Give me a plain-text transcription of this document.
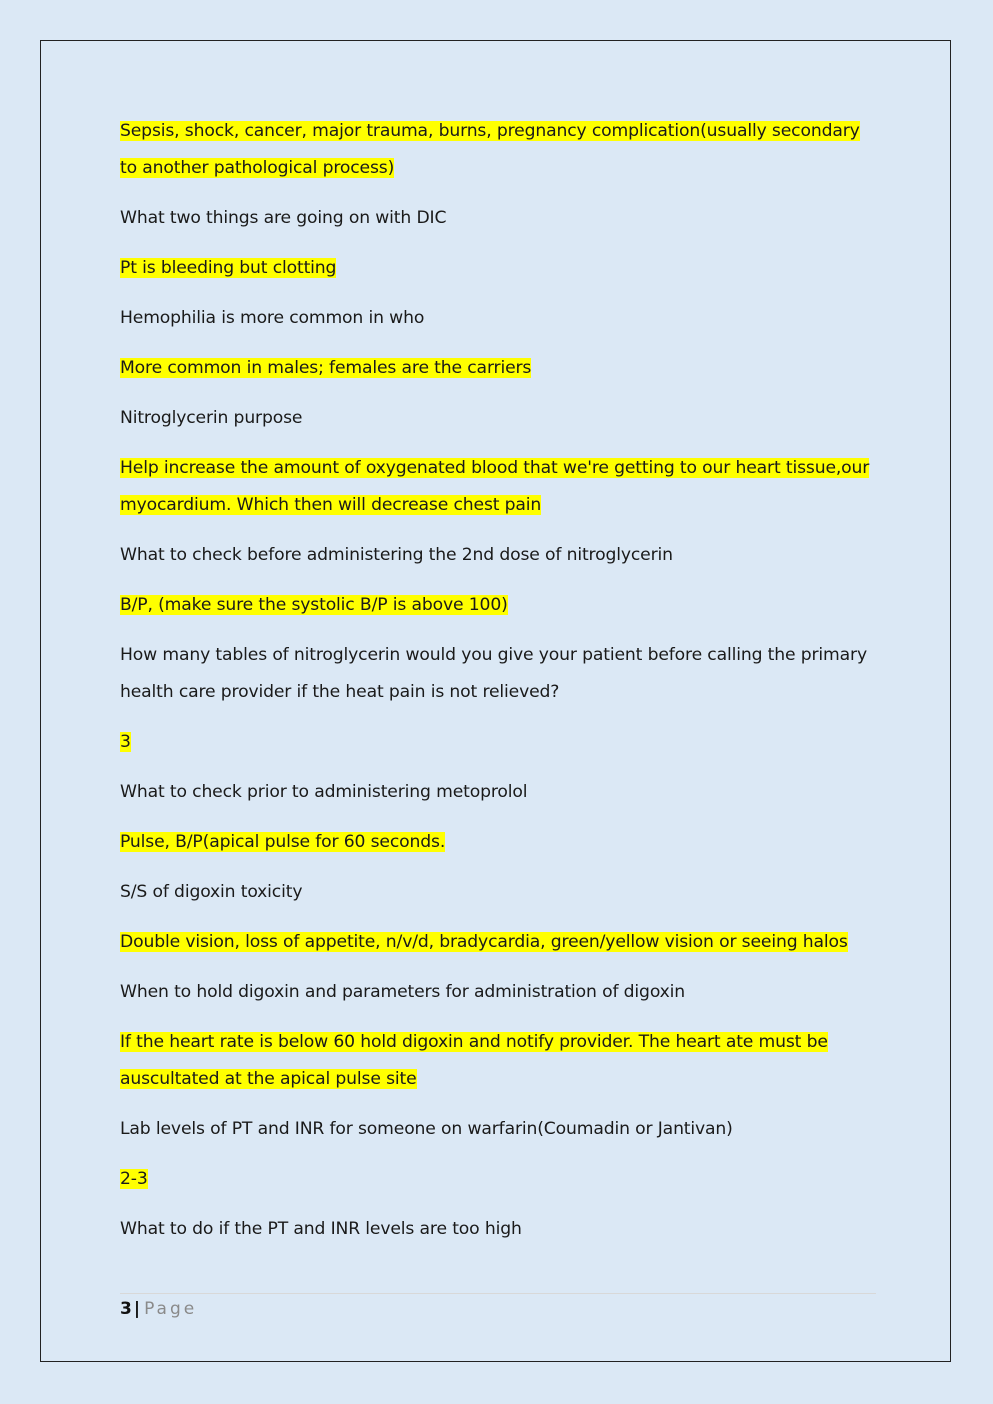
Sepsis, shock, cancer, major trauma, burns, pregnancy complication(usually secondary to another pathological process)

What two things are going on with DIC

Pt is bleeding but clotting

Hemophilia is more common in who

More common in males; females are the carriers

Nitroglycerin purpose

Help increase the amount of oxygenated blood that we're getting to our heart tissue,our myocardium. Which then will decrease chest pain

What to check before administering the 2nd dose of nitroglycerin

B/P, (make sure the systolic B/P is above 100)

How many tables of nitroglycerin would you give your patient before calling the primary health care provider if the heat pain is not relieved?

3

What to check prior to administering metoprolol

Pulse, B/P(apical pulse for 60 seconds.

S/S of digoxin toxicity

Double vision, loss of appetite, n/v/d, bradycardia, green/yellow vision or seeing halos

When to hold digoxin and parameters for administration of digoxin

If the heart rate is below 60 hold digoxin and notify provider. The heart ate must be auscultated at the apical pulse site

Lab levels of PT and INR for someone on warfarin(Coumadin or Jantivan)

2-3

What to do if the PT and INR levels are too high

3 | Page
